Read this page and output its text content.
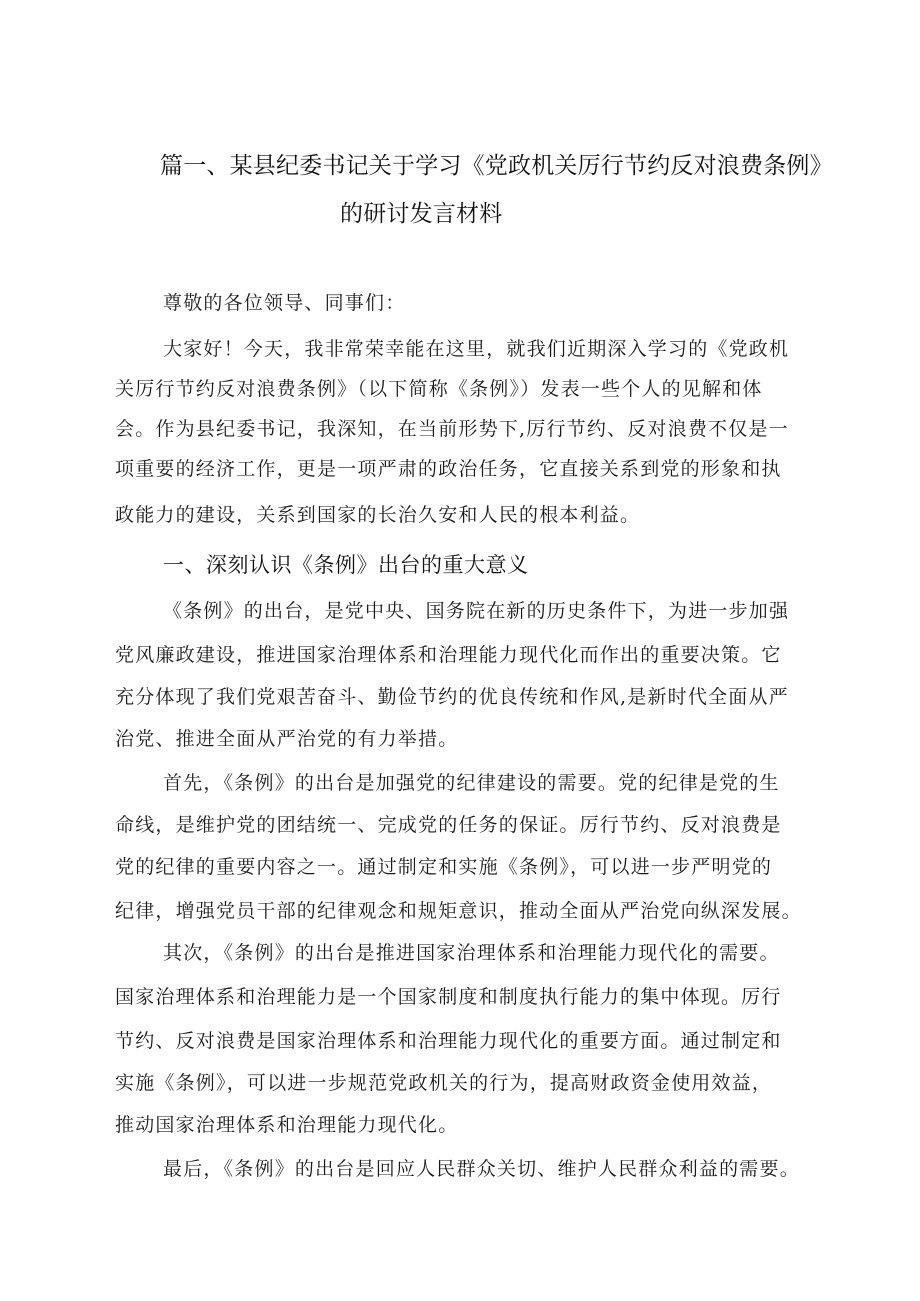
篇一、某县纪委书记关于学习《党政机关厉行节约反对浪费条例》
的研讨发言材料
尊敬的各位领导、同事们：
大家好！今天，我非常荣幸能在这里，就我们近期深入学习的《党政机
关厉行节约反对浪费条例》（以下简称《条例》）发表一些个人的见解和体
会。作为县纪委书记，我深知，在当前形势下,厉行节约、反对浪费不仅是一
项重要的经济工作，更是一项严肃的政治任务，它直接关系到党的形象和执
政能力的建设，关系到国家的长治久安和人民的根本利益。
一、深刻认识《条例》出台的重大意义
《条例》的出台，是党中央、国务院在新的历史条件下，为进一步加强
党风廉政建设，推进国家治理体系和治理能力现代化而作出的重要决策。它
充分体现了我们党艰苦奋斗、勤俭节约的优良传统和作风,是新时代全面从严
治党、推进全面从严治党的有力举措。
首先，《条例》的出台是加强党的纪律建设的需要。党的纪律是党的生
命线，是维护党的团结统一、完成党的任务的保证。厉行节约、反对浪费是
党的纪律的重要内容之一。通过制定和实施《条例》，可以进一步严明党的
纪律，增强党员干部的纪律观念和规矩意识，推动全面从严治党向纵深发展。
其次，《条例》的出台是推进国家治理体系和治理能力现代化的需要。
国家治理体系和治理能力是一个国家制度和制度执行能力的集中体现。厉行
节约、反对浪费是国家治理体系和治理能力现代化的重要方面。通过制定和
实施《条例》，可以进一步规范党政机关的行为，提高财政资金使用效益，
推动国家治理体系和治理能力现代化。
最后，《条例》的出台是回应人民群众关切、维护人民群众利益的需要。
